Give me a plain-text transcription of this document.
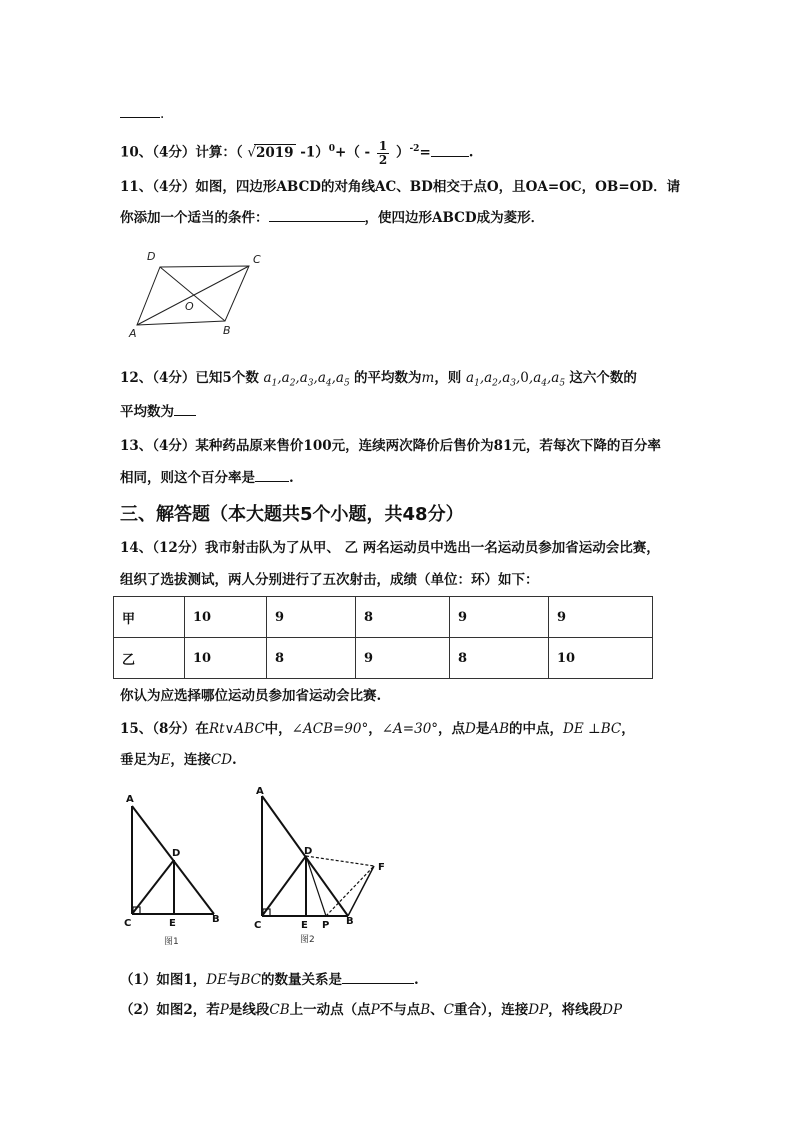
.
10、（4分）计算：（ √2019 $-1)^0+( - \frac{1}{2} )^{-2}=$	.
11、（4分）如图，四边形ABCD的对角线AC、BD相交于点O，且OA=OC，OB=OD．请
你添加一个适当的条件：	，使四边形ABCD成为菱形．
D	C
O
A	B
12、（4分）已知5个数 $a_1,a_2,a_3,a_4,a_5$ 的平均数为m，则 $a_1,a_2,a_3,0,a_4,a_5$ 这六个数的
平均数为
13、（4分）某种药品原来售价100元，连续两次降价后售价为81元，若每次下降的百分率
相同，则这个百分率是	.
三、解答题（本大题共5个小题，共48分）
14、（12分）我市射击队为了从甲、 乙 两名运动员中选出一名运动员参加省运动会比赛，
组织了选拔测试，两人分别进行了五次射击，成绩（单位：环）如下：
甲	10	9	8	9	9
乙	10	8	9	8	10
你认为应选择哪位运动员参加省运动会比赛.
15、（8分）在Rt∨ABC中，∠ACB=90°，∠A=30°，点D是AB的中点，DE ⊥BC，
垂足为E，连接CD.
A
D
C	E	B
图1
A
D
F
C	E P B
图2
（1）如图1，DE与BC的数量关系是	.
（2）如图2，若P是线段CB上一动点（点P不与点B、C重合），连接DP，将线段DP
